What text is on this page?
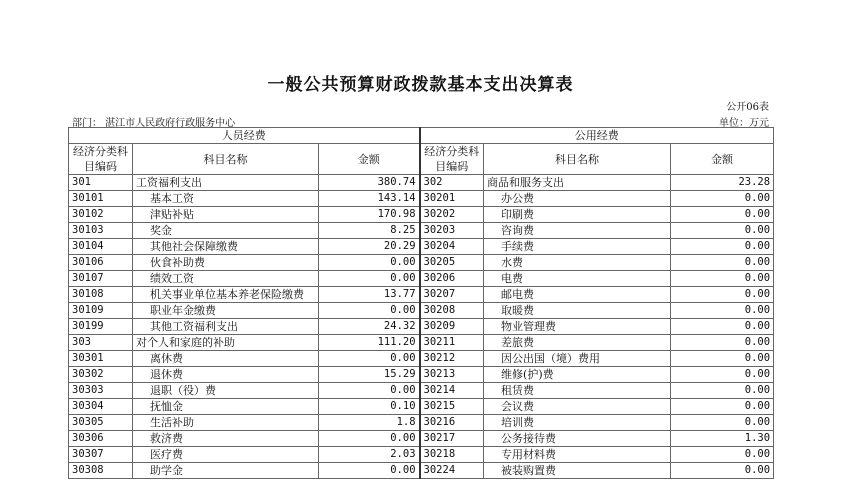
一般公共预算财政拨款基本支出决算表
公开06表
部门： 湛江市人民政府行政服务中心	单位：万元
人员经费			公用经费		
经济分类科目编码	科目名称	金额	经济分类科目编码	科目名称	金额
301	工资福利支出	380.74	302	商品和服务支出	23.28
30101	基本工资	143.14	30201	办公费	0.00
30102	津贴补贴	170.98	30202	印刷费	0.00
30103	奖金	8.25	30203	咨询费	0.00
30104	其他社会保障缴费	20.29	30204	手续费	0.00
30106	伙食补助费	0.00	30205	水费	0.00
30107	绩效工资	0.00	30206	电费	0.00
30108	机关事业单位基本养老保险缴费	13.77	30207	邮电费	0.00
30109	职业年金缴费	0.00	30208	取暖费	0.00
30199	其他工资福利支出	24.32	30209	物业管理费	0.00
303	对个人和家庭的补助	111.20	30211	差旅费	0.00
30301	离休费	0.00	30212	因公出国（境）费用	0.00
30302	退休费	15.29	30213	维修(护)费	0.00
30303	退职（役）费	0.00	30214	租赁费	0.00
30304	抚恤金	0.10	30215	会议费	0.00
30305	生活补助	1.8	30216	培训费	0.00
30306	救济费	0.00	30217	公务接待费	1.30
30307	医疗费	2.03	30218	专用材料费	0.00
30308	助学金	0.00	30224	被装购置费	0.00
